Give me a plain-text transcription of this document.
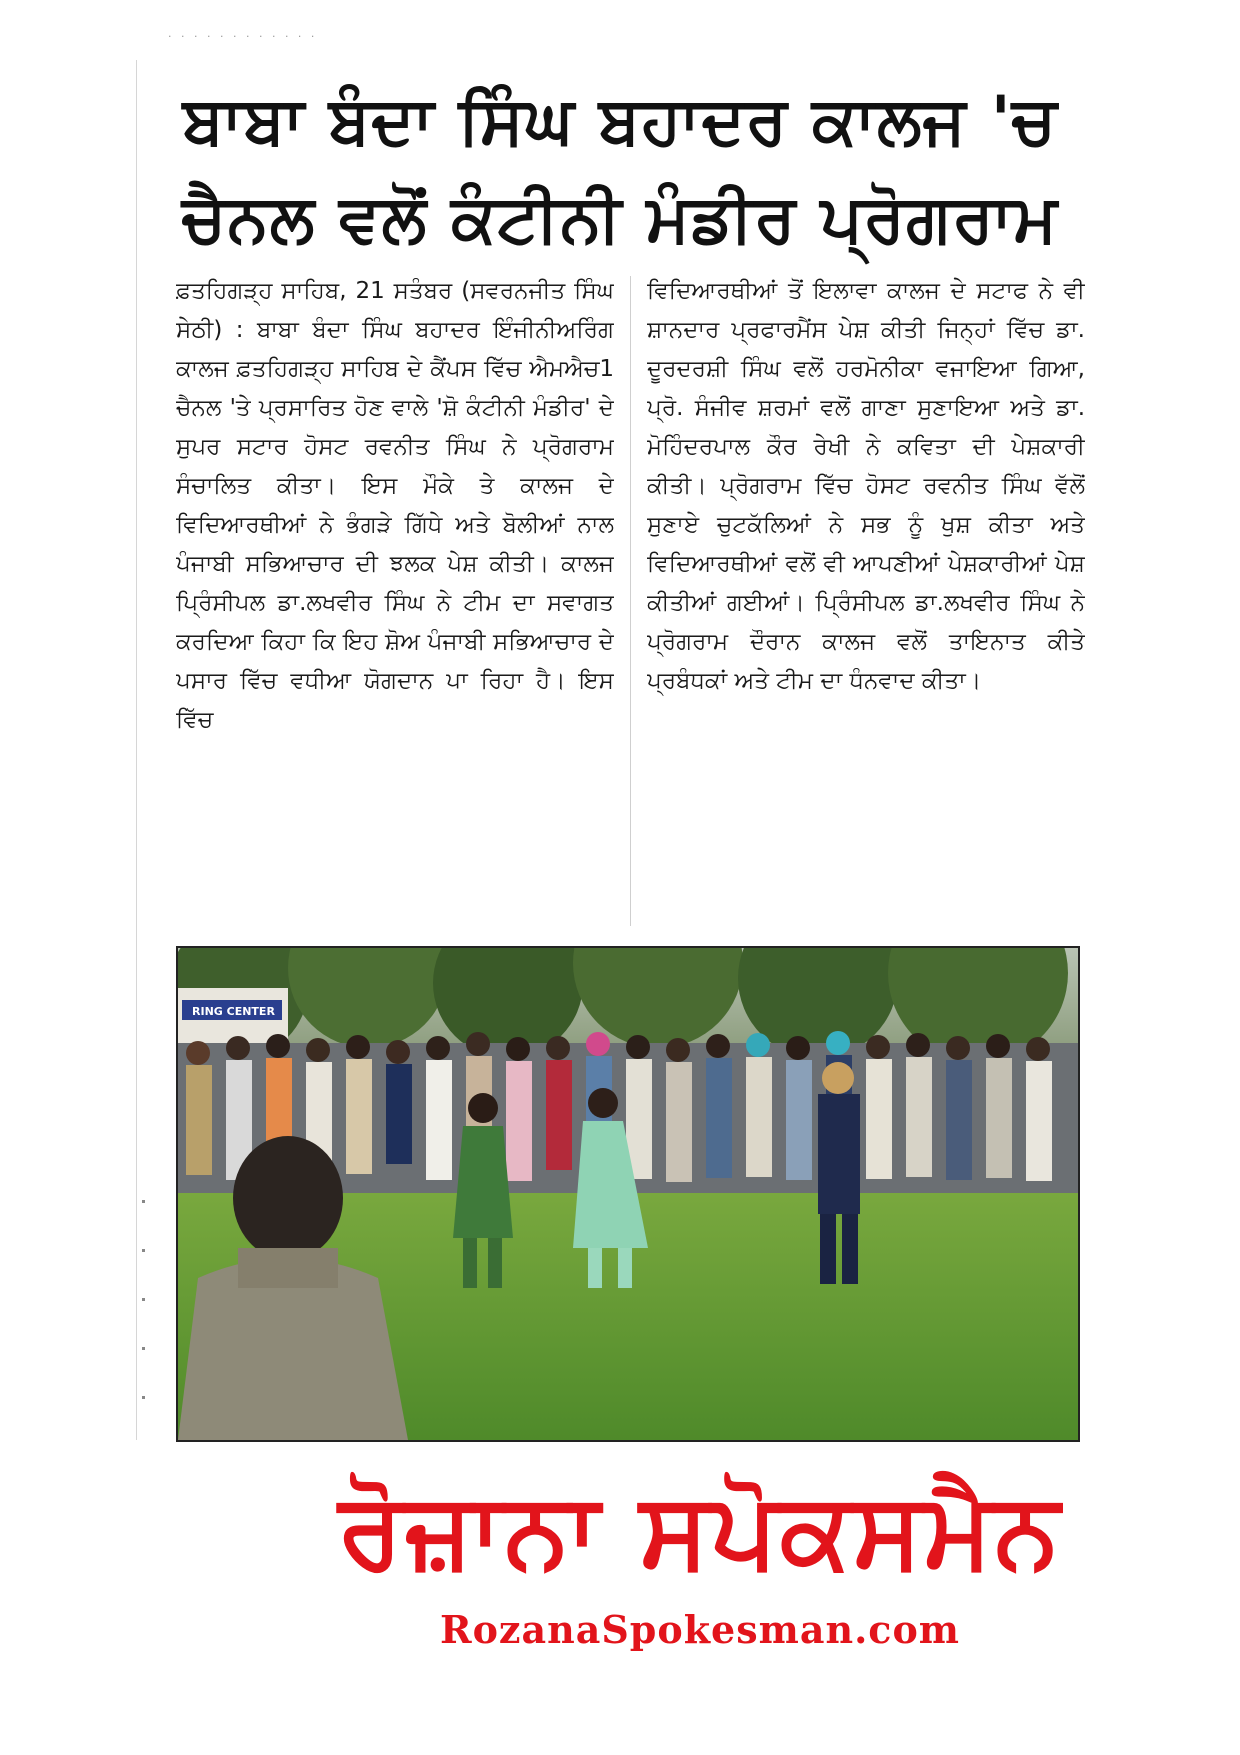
· · · · · · · · · · · ·
ਬਾਬਾ ਬੰਦਾ ਸਿੰਘ ਬਹਾਦਰ ਕਾਲਜ 'ਚ
ਚੈਨਲ ਵਲੋਂ ਕੰਟੀਨੀ ਮੰਡੀਰ ਪ੍ਰੋਗਰਾਮ
ਫ਼ਤਹਿਗੜ੍ਹ ਸਾਹਿਬ, 21 ਸਤੰਬਰ (ਸਵਰਨਜੀਤ ਸਿੰਘ ਸੇਠੀ) : ਬਾਬਾ ਬੰਦਾ ਸਿੰਘ ਬਹਾਦਰ ਇੰਜੀਨੀਅਰਿੰਗ ਕਾਲਜ ਫ਼ਤਹਿਗੜ੍ਹ ਸਾਹਿਬ ਦੇ ਕੈਂਪਸ ਵਿੱਚ ਐਮਐਚ1 ਚੈਨਲ 'ਤੇ ਪ੍ਰਸਾਰਿਤ ਹੋਣ ਵਾਲੇ 'ਸ਼ੋ ਕੰਟੀਨੀ ਮੰਡੀਰ' ਦੇ ਸੁਪਰ ਸਟਾਰ ਹੋਸਟ ਰਵਨੀਤ ਸਿੰਘ ਨੇ ਪ੍ਰੋਗਰਾਮ ਸੰਚਾਲਿਤ ਕੀਤਾ। ਇਸ ਮੌਕੇ ਤੇ ਕਾਲਜ ਦੇ ਵਿਦਿਆਰਥੀਆਂ ਨੇ ਭੰਗੜੇ ਗਿੱਧੇ ਅਤੇ ਬੋਲੀਆਂ ਨਾਲ ਪੰਜਾਬੀ ਸਭਿਆਚਾਰ ਦੀ ਝਲਕ ਪੇਸ਼ ਕੀਤੀ। ਕਾਲਜ ਪ੍ਰਿੰਸੀਪਲ ਡਾ.ਲਖਵੀਰ ਸਿੰਘ ਨੇ ਟੀਮ ਦਾ ਸਵਾਗਤ ਕਰਦਿਆ ਕਿਹਾ ਕਿ ਇਹ ਸ਼ੋਅ ਪੰਜਾਬੀ ਸਭਿਆਚਾਰ ਦੇ ਪਸਾਰ ਵਿੱਚ ਵਧੀਆ ਯੋਗਦਾਨ ਪਾ ਰਿਹਾ ਹੈ। ਇਸ ਵਿੱਚ
ਵਿਦਿਆਰਥੀਆਂ ਤੋਂ ਇਲਾਵਾ ਕਾਲਜ ਦੇ ਸਟਾਫ ਨੇ ਵੀ ਸ਼ਾਨਦਾਰ ਪ੍ਰਫਾਰਮੈਂਸ ਪੇਸ਼ ਕੀਤੀ ਜਿਨ੍ਹਾਂ ਵਿੱਚ ਡਾ. ਦੂਰਦਰਸ਼ੀ ਸਿੰਘ ਵਲੋਂ ਹਰਮੋਨੀਕਾ ਵਜਾਇਆ ਗਿਆ, ਪ੍ਰੋ. ਸੰਜੀਵ ਸ਼ਰਮਾਂ ਵਲੋਂ ਗਾਣਾ ਸੁਣਾਇਆ ਅਤੇ ਡਾ. ਮੋਹਿੰਦਰਪਾਲ ਕੌਰ ਰੇਖੀ ਨੇ ਕਵਿਤਾ ਦੀ ਪੇਸ਼ਕਾਰੀ ਕੀਤੀ। ਪ੍ਰੋਗਰਾਮ ਵਿੱਚ ਹੋਸਟ ਰਵਨੀਤ ਸਿੰਘ ਵੱਲੋਂ ਸੁਣਾਏ ਚੁਟਕੱਲਿਆਂ ਨੇ ਸਭ ਨੂੰ ਖੁਸ਼ ਕੀਤਾ ਅਤੇ ਵਿਦਿਆਰਥੀਆਂ ਵਲੋਂ ਵੀ ਆਪਣੀਆਂ ਪੇਸ਼ਕਾਰੀਆਂ ਪੇਸ਼ ਕੀਤੀਆਂ ਗਈਆਂ। ਪ੍ਰਿੰਸੀਪਲ ਡਾ.ਲਖਵੀਰ ਸਿੰਘ ਨੇ ਪ੍ਰੋਗਰਾਮ ਦੌਰਾਨ ਕਾਲਜ ਵਲੋਂ ਤਾਇਨਾਤ ਕੀਤੇ ਪ੍ਰਬੰਧਕਾਂ ਅਤੇ ਟੀਮ ਦਾ ਧੰਨਵਾਦ ਕੀਤਾ।
RING CENTER
ਰੋਜ਼ਾਨਾ ਸਪੋਕਸਮੈਨ
RozanaSpokesman.com
